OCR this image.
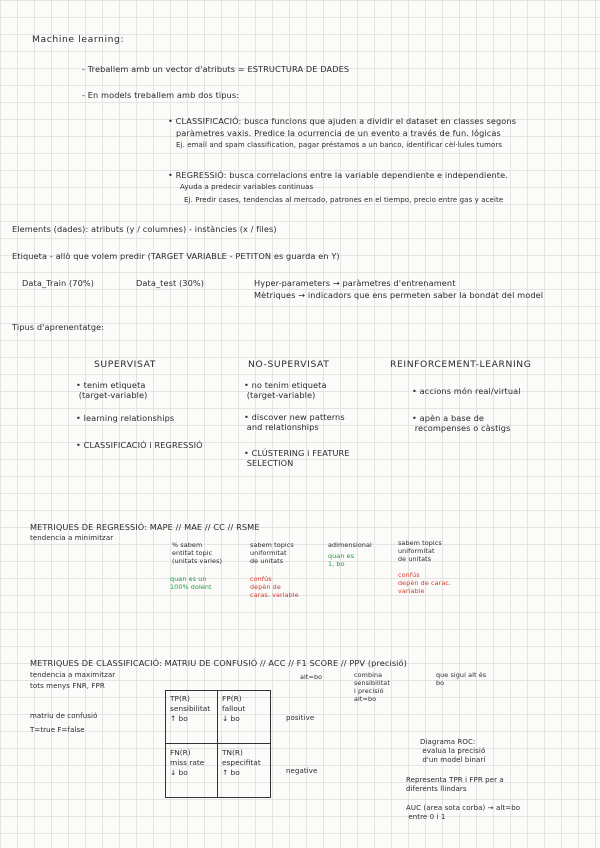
Machine learning:
- Treballem amb un vector d'atributs = ESTRUCTURA DE DADES
- En models treballem amb dos tipus:
• CLASSIFICACIÓ: busca funcions que ajuden a dividir el dataset en classes segons
paràmetres vaxis. Predice la ocurrencia de un evento a través de fun. lógicas
Ej. email and spam classification, pagar préstamos a un banco, identificar cèl·lules tumors
• REGRESSIÓ: busca correlacions entre la variable dependiente e independiente.
Ayuda a predecir variables continuas
Ej. Predir cases, tendencias al mercado, patrones en el tiempo, precio entre gas y aceite
Elements (dades): atributs (y / columnes) - instàncies (x / files)
Etiqueta - allò que volem predir (TARGET VARIABLE - PETITON es guarda en Y)
Data_Train (70%)	Data_test (30%)	Hyper-parameters → paràmetres d'entrenament
Mètriques → indicadors que ens permeten saber la bondat del model
Tipus d'aprenentatge:
SUPERVISAT
• tenim etiqueta
(target-variable)
• learning relationships
• CLASSIFICACIÓ i REGRESSIÓ
NO-SUPERVISAT
• no tenim etiqueta
(target-variable)
• discover new patterns
and relationships
• CLÚSTERING i FEATURE
SELECTION
REINFORCEMENT-LEARNING
• accions món real/virtual
• apèn a base de
recompenses o càstigs
METRIQUES DE REGRESSIÓ: MAPE // MAE // CC // RSME
tendencia a minimitzar
% sabem
entitat topic
(unitats varies)
quan es un
100% dolent
sabem topics
uniformitat
de unitats
confús
depèn de
caras. variable
adimensional
quan es
1, bo
sabem topics
uniformitat
de unitats
confús
depèn de carac.
variable
METRIQUES DE CLASSIFICACIÓ: MATRIU DE CONFUSIÓ // ACC // F1 SCORE // PPV (precisió)
tendencia a maximitzar
tots menys FNR, FPR
alt=bo	combina
sensibilitat
i precisió
alt=bo
que sigui alt és
bo
matriu de confusió
T=true F=false
TP(R)
sensibilitat
↑ bo
FP(R)
fallout
↓ bo
FN(R)
miss rate
↓ bo
TN(R)
especifitat
↑ bo
positive
negative
Diagrama ROC:
evalua la precisió
d'un model binari
Representa TPR i FPR per a
diferents llindars
AUC (area sota corba) → alt=bo
entre 0 i 1
